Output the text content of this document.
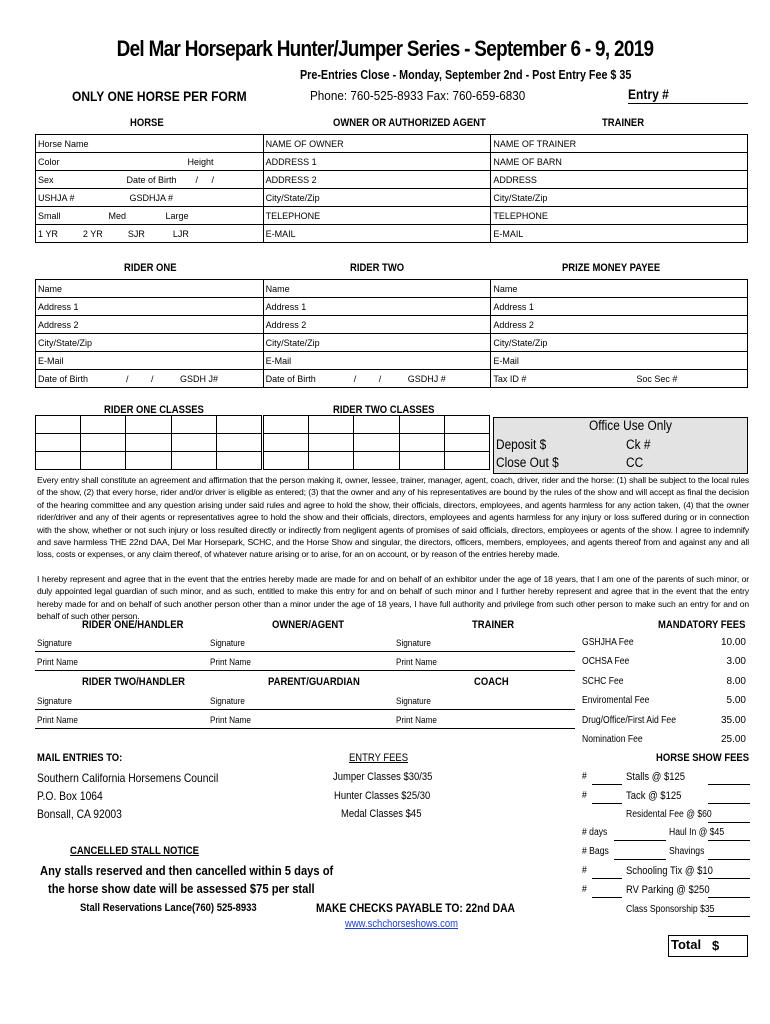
Del Mar Horsepark Hunter/Jumper Series - September 6 - 9, 2019
Pre-Entries Close - Monday, September 2nd - Post Entry Fee $ 35
Phone: 760-525-8933 Fax: 760-659-6830
ONLY ONE HORSE PER FORM	Entry #
HORSE	OWNER OR AUTHORIZED AGENT	TRAINER
Horse Name	NAME OF OWNER	NAME OF TRAINER
Color Height	ADDRESS 1	NAME OF BARN
Sex Date of Birth / /	ADDRESS 2	ADDRESS
USHJA # GSDHJA #	City/State/Zip	City/State/Zip
Small Med Large	TELEPHONE	TELEPHONE
1 YR 2 YR SJR LJR	E-MAIL	E-MAIL
RIDER ONE	RIDER TWO	PRIZE MONEY PAYEE
Name	Name	Name
Address 1	Address 1	Address 1
Address 2	Address 2	Address 2
City/State/Zip	City/State/Zip	City/State/Zip
E-Mail	E-Mail	E-Mail
Date of Birth / / GSDH J#	Date of Birth / / GSDHJ #	Tax ID # Soc Sec #
RIDER ONE CLASSES	RIDER TWO CLASSES

Office Use Only
Deposit $	Ck #
Close Out $	CC
Every entry shall constitute an agreement and affirmation that the person making it, owner, lessee, trainer, manager, agent, coach, driver, rider and the horse: (1) shall be subject to the local rules of the show, (2) that every horse, rider and/or driver is eligible as entered; (3) that the owner and any of his representatives are bound by the rules of the show and will accept as final the decision of the hearing committee and any question arising under said rules and agree to hold the show, their officials, directors, employees, and agents harmless for any action taken, (4) that the owner rider/driver and any of their agents or representatives agree to hold the show and their officials, directors, employees and agents harmless for any injury or loss suffered during or in connection with the show, whether or not such injury or loss resulted directly or indirectly from negligent agents of promises of said officials, directors, employees or agents of the show. I agree to indemnify and save harmless THE 22nd DAA, Del Mar Horsepark, SCHC, and the Horse Show and singular, the directors, officers, members, employees, and agents thereof from and against any and all loss, costs or expenses, or any claim thereof, of whatever nature arising or to arise, for an on account, or by reason of the entries hereby made.
I hereby represent and agree that in the event that the entries hereby made are made for and on behalf of an exhibitor under the age of 18 years, that I am one of the parents of such minor, or duly appointed legal guardian of such minor, and as such, entitled to make this entry for and on behalf of such minor and I further hereby represent and agree that in the event that the entry hereby made for and on behalf of such another person other than a minor under the age of 18 years, I have full authority and privilege from such other person to make such an entry for and on behalf of such other person.
RIDER ONE/HANDLER	OWNER/AGENT	TRAINER
Signature	Signature	Signature
Print Name	Print Name	Print Name
RIDER TWO/HANDLER	PARENT/GUARDIAN	COACH
Signature	Signature	Signature
Print Name	Print Name	Print Name
MANDATORY FEES
GSHJHA Fee	10.00
OCHSA Fee	3.00
SCHC Fee	8.00
Enviromental Fee	5.00
Drug/Office/First Aid Fee	35.00
Nomination Fee	25.00
MAIL ENTRIES TO:
Southern California Horsemens Council
P.O. Box 1064
Bonsall, CA 92003
ENTRY FEES
Jumper Classes $30/35
Hunter Classes $25/30
Medal Classes $45
HORSE SHOW FEES
#	Stalls @ $125
#	Tack @ $125
Residental Fee @ $60
# days	Haul In @ $45
# Bags	Shavings
#	Schooling Tix @ $10
#	RV Parking @ $250
Class Sponsorship $35
Total $
CANCELLED STALL NOTICE
Any stalls reserved and then cancelled within 5 days of
the horse show date will be assessed $75 per stall
Stall Reservations Lance(760) 525-8933	MAKE CHECKS PAYABLE TO: 22nd DAA
www.schchorseshows.com
